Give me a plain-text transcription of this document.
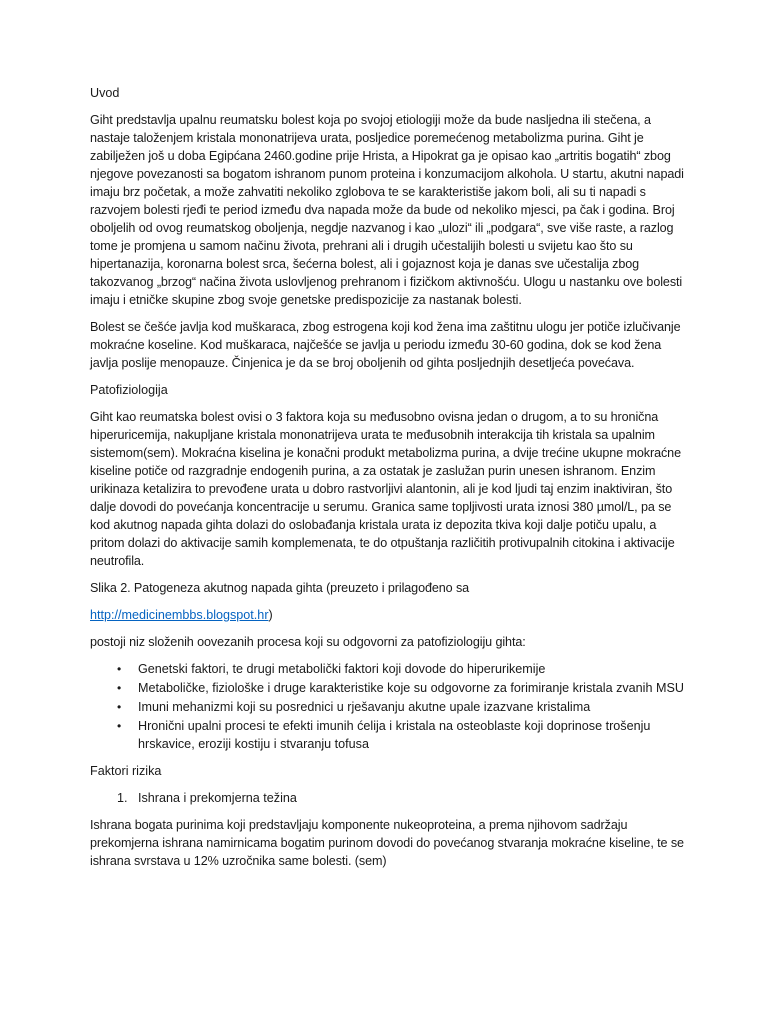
Uvod

Giht predstavlja upalnu reumatsku bolest koja po svojoj etiologiji može da bude nasljedna ili stečena, a nastaje taloženjem kristala mononatrijeva urata, posljedice poremećenog metabolizma purina. Giht je zabilježen još u doba Egipćana 2460.godine prije Hrista, a Hipokrat ga je opisao kao „artritis bogatih“ zbog njegove povezanosti sa bogatom ishranom punom proteina i konzumacijom alkohola. U startu, akutni napadi imaju brz početak, a može zahvatiti nekoliko zglobova te se karakteristiše jakom boli, ali su ti napadi s razvojem bolesti rjeđi te period između dva napada može da bude od nekoliko mjesci, pa čak i godina. Broj oboljelih od ovog reumatskog oboljenja, negdje nazvanog i kao „ulozi“ ili „podgara“, sve više raste, a razlog tome je promjena u samom načinu života, prehrani ali i drugih učestalijih bolesti u svijetu kao što su hipertanazija, koronarna bolest srca, šećerna bolest, ali i gojaznost koja je danas sve učestalija zbog takozvanog „brzog“ načina života uslovljenog prehranom i fizičkom aktivnošću. Ulogu u nastanku ove bolesti imaju i etničke skupine zbog svoje genetske predispozicije za nastanak bolesti.

Bolest se češće javlja kod muškaraca, zbog estrogena koji kod žena ima zaštitnu ulogu jer potiče izlučivanje mokraćne koseline. Kod muškaraca, najčešće se javlja u periodu između 30-60 godina, dok se kod žena javlja poslije menopauze. Činjenica je da se broj oboljenih od gihta posljednjih desetljeća povećava.

Patofiziologija

Giht kao reumatska bolest ovisi o 3 faktora koja su međusobno ovisna jedan o drugom, a to su hronična hiperuricemija, nakupljane kristala mononatrijeva urata te međusobnih interakcija tih kristala sa upalnim sistemom(sem). Mokraćna kiselina je konačni produkt metabolizma purina, a dvije trećine ukupne mokraćne kiseline potiče od razgradnje endogenih purina, a za ostatak je zaslužan purin unesen ishranom. Enzim urikinaza ketalizira to prevođene urata u dobro rastvorljivi alantonin, ali je kod ljudi taj enzim inaktiviran, što dalje dovodi do povećanja koncentracije u serumu. Granica same topljivosti urata iznosi 380 µmol/L, pa se kod akutnog napada gihta dolazi do oslobađanja kristala urata iz depozita tkiva koji dalje potiču upalu, a pritom dolazi do aktivacije samih komplemenata, te do otpuštanja različitih protivupalnih citokina i aktivacije neutrofila.

Slika 2. Patogeneza akutnog napada gihta (preuzeto i prilagođeno sa

http://medicinembbs.blogspot.hr)

postoji niz složenih oovezanih procesa koji su odgovorni za patofiziologiju gihta:

• Genetski faktori, te drugi metabolički faktori koji dovode do hiperurikemije
• Metaboličke, fiziološke i druge karakteristike koje su odgovorne za forimiranje kristala zvanih MSU
• Imuni mehanizmi koji su posrednici u rješavanju akutne upale izazvane kristalima
• Hronični upalni procesi te efekti imunih ćelija i kristala na osteoblaste koji doprinose trošenju hrskavice, eroziji kostiju i stvaranju tofusa

Faktori rizika

1. Ishrana i prekomjerna težina

Ishrana bogata purinima koji predstavljaju komponente nukeoproteina, a prema njihovom sadržaju prekomjerna ishrana namirnicama bogatim purinom dovodi do povećanog stvaranja mokraćne kiseline, te se ishrana svrstava u 12% uzročnika same bolesti. (sem)
